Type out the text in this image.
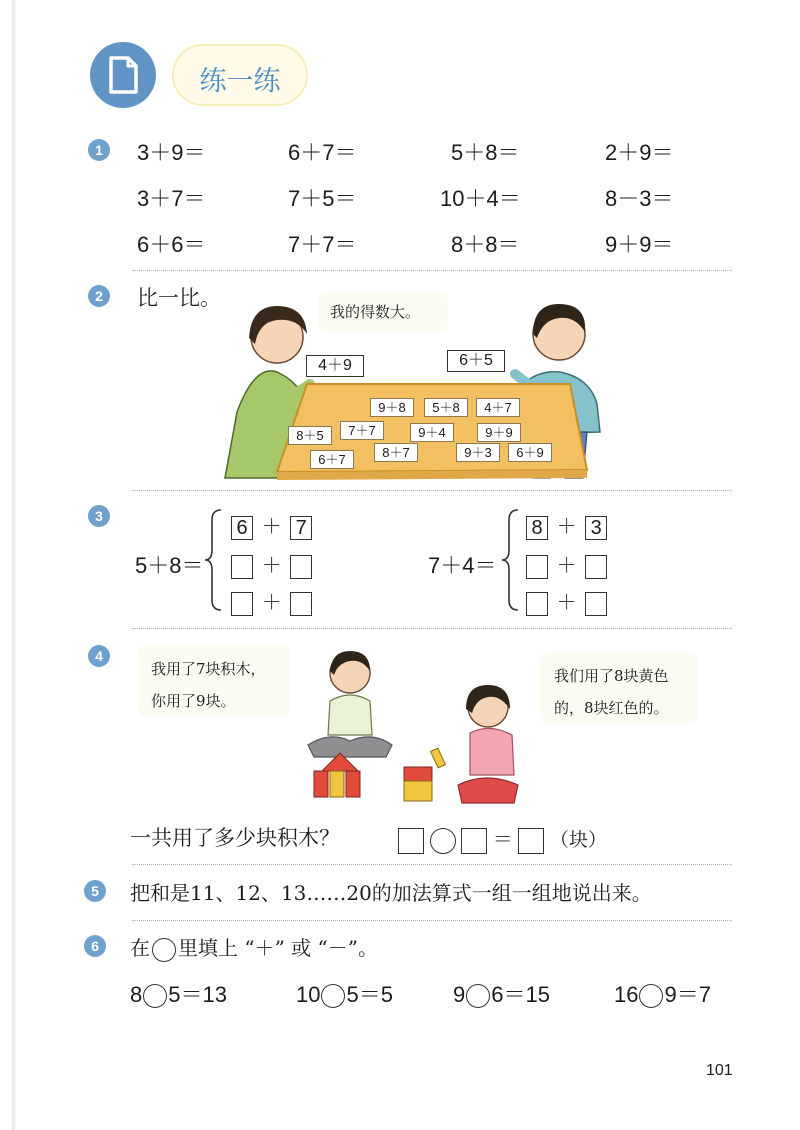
练一练
1	3＋9＝	6＋7＝	5＋8＝	2＋9＝
3＋7＝	7＋5＝	10＋4＝	8－3＝
6＋6＝	7＋7＝	8＋8＝	9＋9＝
2	比一比。
我的得数大。
4＋9	6＋5
9＋8	5＋8	4＋7
7＋7	9＋4	9＋9
8＋5
6＋7	8＋7	9＋3	6＋9
3
5＋8＝
6 ＋ 7
＋
＋
7＋4＝
8 ＋ 3
＋
＋
4
我用了7块积木，
你用了9块。
我们用了8块黄色
的，8块红色的。
一共用了多少块积木？	＝ （块）
5	把和是11、12、13……20的加法算式一组一组地说出来。
6	在 里填上 “＋” 或 “－”。
8 5＝13	10 5＝5	9 6＝15	16 9＝7
101
